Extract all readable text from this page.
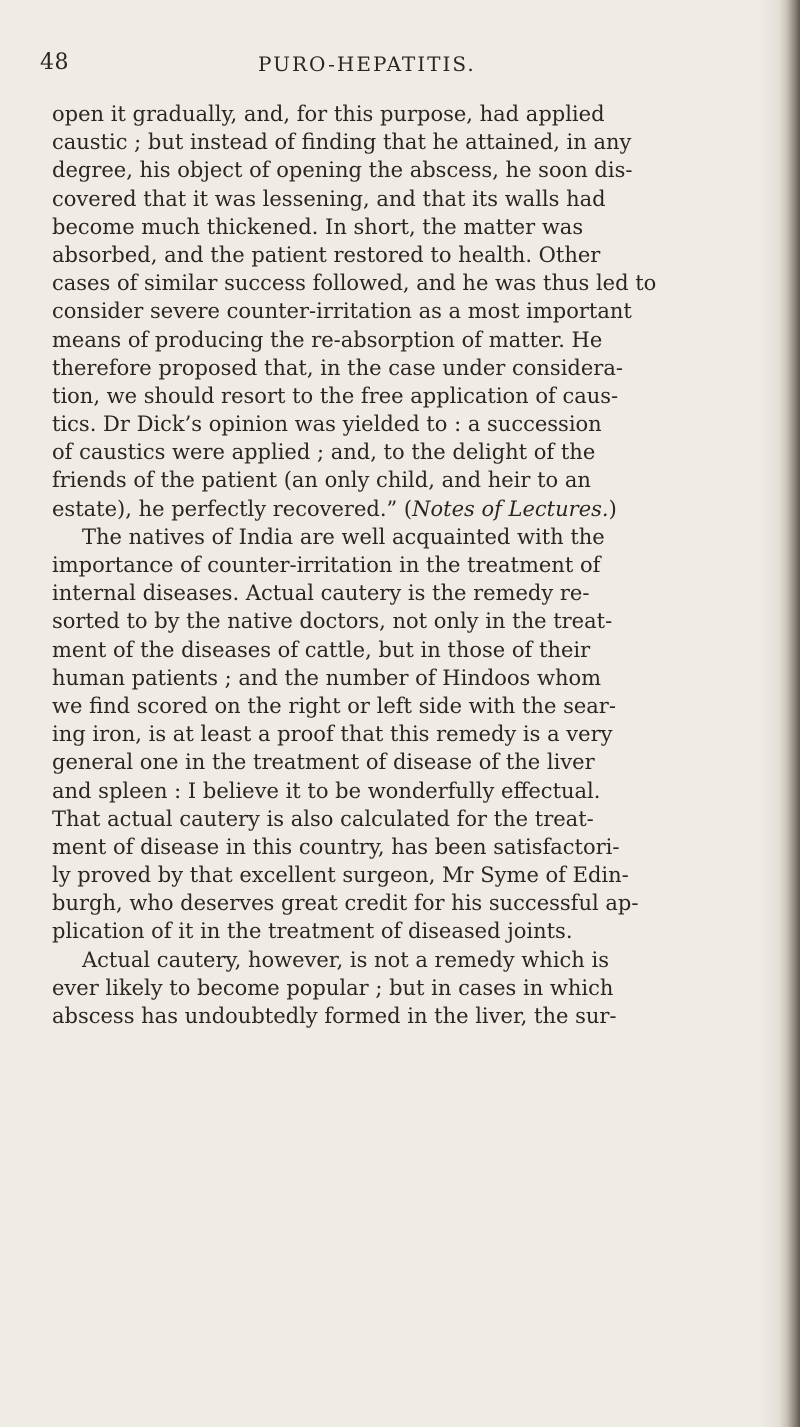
48	PURO-HEPATITIS.
open it gradually, and, for this purpose, had applied
caustic ; but instead of finding that he attained, in any
degree, his object of opening the abscess, he soon dis-
covered that it was lessening, and that its walls had
become much thickened. In short, the matter was
absorbed, and the patient restored to health. Other
cases of similar success followed, and he was thus led to
consider severe counter-irritation as a most important
means of producing the re-absorption of matter. He
therefore proposed that, in the case under considera-
tion, we should resort to the free application of caus-
tics. Dr Dick’s opinion was yielded to : a succession
of caustics were applied ; and, to the delight of the
friends of the patient (an only child, and heir to an
estate), he perfectly recovered.” (Notes of Lectures.)
The natives of India are well acquainted with the
importance of counter-irritation in the treatment of
internal diseases. Actual cautery is the remedy re-
sorted to by the native doctors, not only in the treat-
ment of the diseases of cattle, but in those of their
human patients ; and the number of Hindoos whom
we find scored on the right or left side with the sear-
ing iron, is at least a proof that this remedy is a very
general one in the treatment of disease of the liver
and spleen : I believe it to be wonderfully effectual.
That actual cautery is also calculated for the treat-
ment of disease in this country, has been satisfactori-
ly proved by that excellent surgeon, Mr Syme of Edin-
burgh, who deserves great credit for his successful ap-
plication of it in the treatment of diseased joints.
Actual cautery, however, is not a remedy which is
ever likely to become popular ; but in cases in which
abscess has undoubtedly formed in the liver, the sur-
